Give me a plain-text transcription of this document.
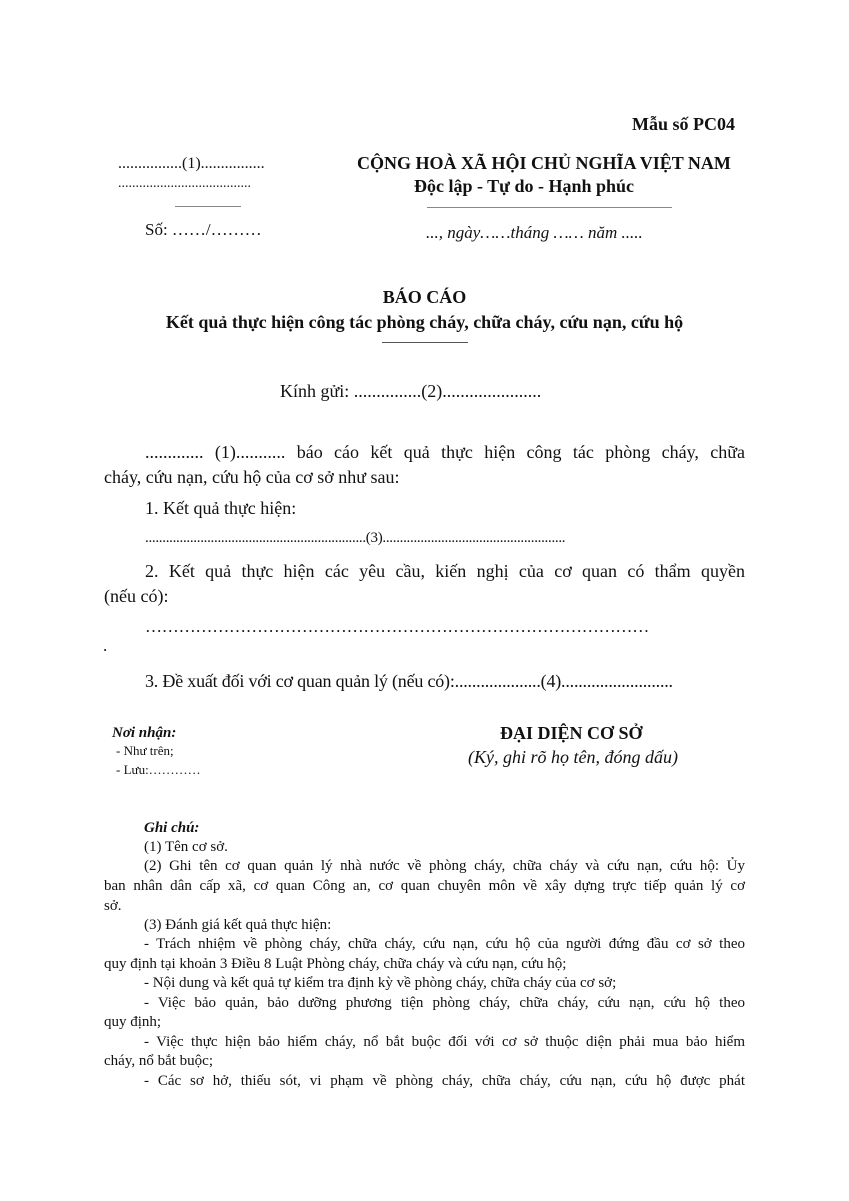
Mẫu số PC04
................(1)................
......................................
Số: ……/………
CỘNG HOÀ XÃ HỘI CHỦ NGHĨA VIỆT NAM
Độc lập - Tự do - Hạnh phúc
..., ngày……tháng …… năm .....
BÁO CÁO
Kết quả thực hiện công tác phòng cháy, chữa cháy, cứu nạn, cứu hộ
Kính gửi: ...............(2)......................
............. (1)........... báo cáo kết quả thực hiện công tác phòng cháy, chữa
cháy, cứu nạn, cứu hộ của cơ sở như sau:
1. Kết quả thực hiện:
................................................................(3).....................................................
2. Kết quả thực hiện các yêu cầu, kiến nghị của cơ quan có thẩm quyền
(nếu có):
………………………………………………………………………………
.
3. Đề xuất đối với cơ quan quản lý (nếu có):....................(4)..........................
Nơi nhận:
- Như trên;
- Lưu:…………
ĐẠI DIỆN CƠ SỞ
(Ký, ghi rõ họ tên, đóng dấu)
Ghi chú:
(1) Tên cơ sở.
(2) Ghi tên cơ quan quản lý nhà nước về phòng cháy, chữa cháy và cứu nạn, cứu hộ: Ủy
ban nhân dân cấp xã, cơ quan Công an, cơ quan chuyên môn về xây dựng trực tiếp quản lý cơ
sở.
(3) Đánh giá kết quả thực hiện:
- Trách nhiệm về phòng cháy, chữa cháy, cứu nạn, cứu hộ của người đứng đầu cơ sở theo
quy định tại khoản 3 Điều 8 Luật Phòng cháy, chữa cháy và cứu nạn, cứu hộ;
- Nội dung và kết quả tự kiểm tra định kỳ về phòng cháy, chữa cháy của cơ sở;
- Việc bảo quản, bảo dưỡng phương tiện phòng cháy, chữa cháy, cứu nạn, cứu hộ theo
quy định;
- Việc thực hiện bảo hiểm cháy, nổ bắt buộc đối với cơ sở thuộc diện phải mua bảo hiểm
cháy, nổ bắt buộc;
- Các sơ hở, thiếu sót, vi phạm về phòng cháy, chữa cháy, cứu nạn, cứu hộ được phát
